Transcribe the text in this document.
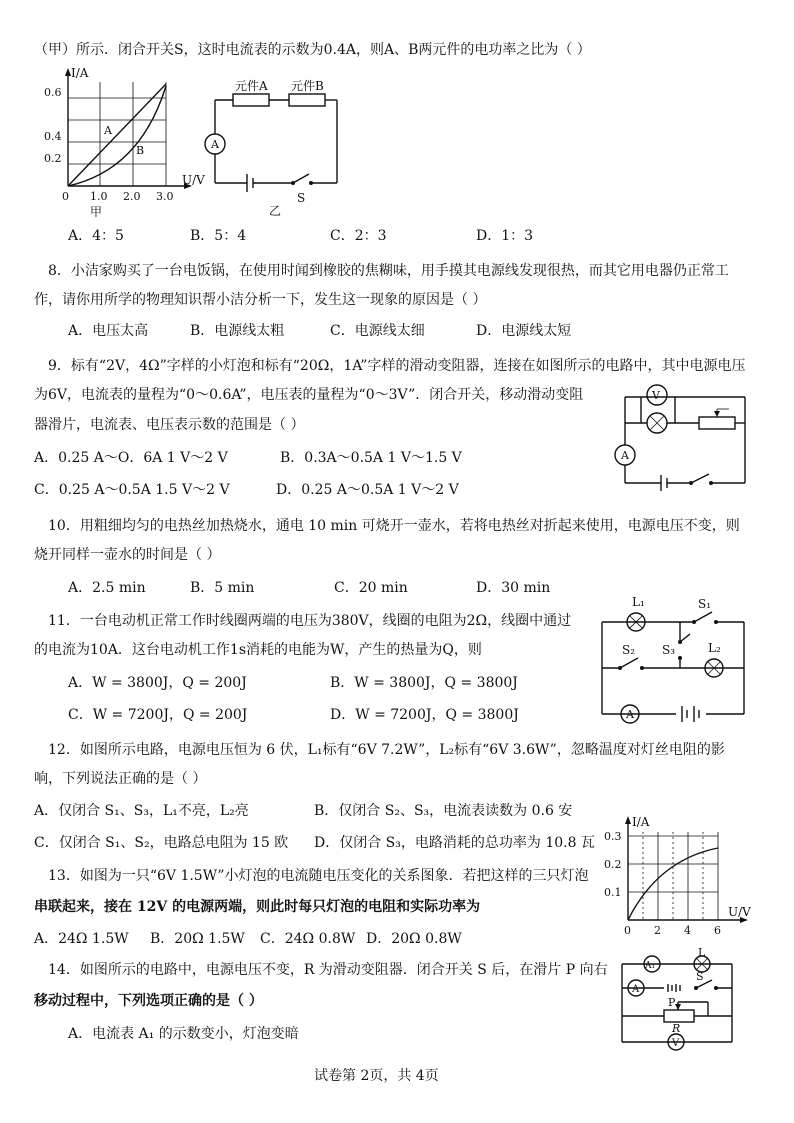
（甲）所示．闭合开关S，这时电流表的示数为0.4A，则A、B两元件的电功率之比为（ ）
I/A
U/V
0.6
0.4
0.2
0 1.0 2.0 3.0
A
B
甲
元件A 元件B
A
S
乙
A．4：5	B．5：4	C．2：3	D．1：3
8．小洁家购买了一台电饭锅，在使用时闻到橡胶的焦糊味，用手摸其电源线发现很热，而其它用电器仍正常工
作，请你用所学的物理知识帮小洁分析一下，发生这一现象的原因是（ ）
A．电压太高	B．电源线太粗	C．电源线太细	D．电源线太短
9．标有“2V，4Ω”字样的小灯泡和标有“20Ω，1A”字样的滑动变阻器，连接在如图所示的电路中，其中电源电压
为6V，电流表的量程为“0～0.6A”，电压表的量程为“0～3V”．闭合开关，移动滑动变阻
器滑片，电流表、电压表示数的范围是（ ）
A．0.25 A～O．6A 1 V～2 V	B．0.3A～0.5A 1 V～1.5 V
C．0.25 A～0.5A 1.5 V～2 V	D．0.25 A～0.5A 1 V～2 V
V
A
10．用粗细均匀的电热丝加热烧水，通电 10 min 可烧开一壶水，若将电热丝对折起来使用，电源电压不变，则
烧开同样一壶水的时间是（ ）
A．2.5 min	B．5 min	C．20 min	D．30 min
11．一台电动机正常工作时线圈两端的电压为380V，线圈的电阻为2Ω，线圈中通过
的电流为10A．这台电动机工作1s消耗的电能为W，产生的热量为Q，则
A．W = 3800J，Q = 200J	B．W = 3800J，Q = 3800J
C．W = 7200J，Q = 200J	D．W = 7200J，Q = 3800J
L₁	S₁
S₂ S₃	L₂
A
12．如图所示电路，电源电压恒为 6 伏，L₁标有“6V 7.2W”，L₂标有“6V 3.6W”，忽略温度对灯丝电阻的影
响，下列说法正确的是（ ）
A．仅闭合 S₁、S₃，L₁不亮，L₂亮	B．仅闭合 S₂、S₃，电流表读数为 0.6 安
C．仅闭合 S₁、S₂，电路总电阻为 15 欧 D．仅闭合 S₃，电路消耗的总功率为 10.8 瓦
13．如图为一只“6V 1.5W”小灯泡的电流随电压变化的关系图象．若把这样的三只灯泡
串联起来，接在 12V 的电源两端，则此时每只灯泡的电阻和实际功率为
A．24Ω 1.5W B．20Ω 1.5W C．24Ω 0.8W D．20Ω 0.8W
I/A
U/V
0.3
0.2
0.1
0 2 4 6
14．如图所示的电路中，电源电压不变，R 为滑动变阻器．闭合开关 S 后，在滑片 P 向右
移动过程中，下列选项正确的是（ ）
A．电流表 A₁ 的示数变小，灯泡变暗
A₁
L
A
S
P
R
V
试卷第 2页，共 4页
